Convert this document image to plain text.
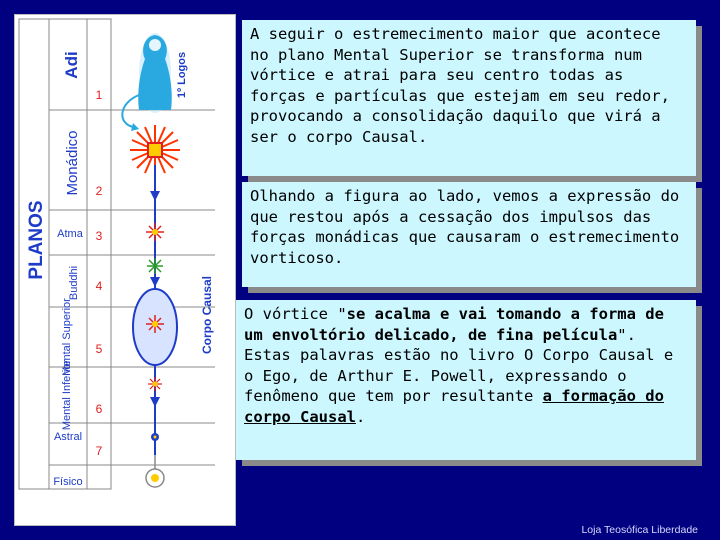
PLANOS
Adi
Monádico
Atma
Buddhi
Mental Superior
Mental Inferior
Astral
Físico
1
2
3
4
5
6
7
1º Logos
Corpo Causal

A seguir o estremecimento maior que acontece no plano Mental Superior se transforma num vórtice e atrai para seu centro todas as forças e partículas que estejam em seu redor, provocando a consolidação daquilo que virá a ser o corpo Causal.

Olhando a figura ao lado, vemos a expressão do que restou após a cessação dos impulsos das forças monádicas que causaram o estremecimento vorticoso.

O vórtice "se acalma e vai tomando a forma de um envoltório delicado, de fina película". Estas palavras estão no livro O Corpo Causal e o Ego, de Arthur E. Powell, expressando o fenômeno que tem por resultante a formação do corpo Causal.

Loja Teosófica Liberdade
